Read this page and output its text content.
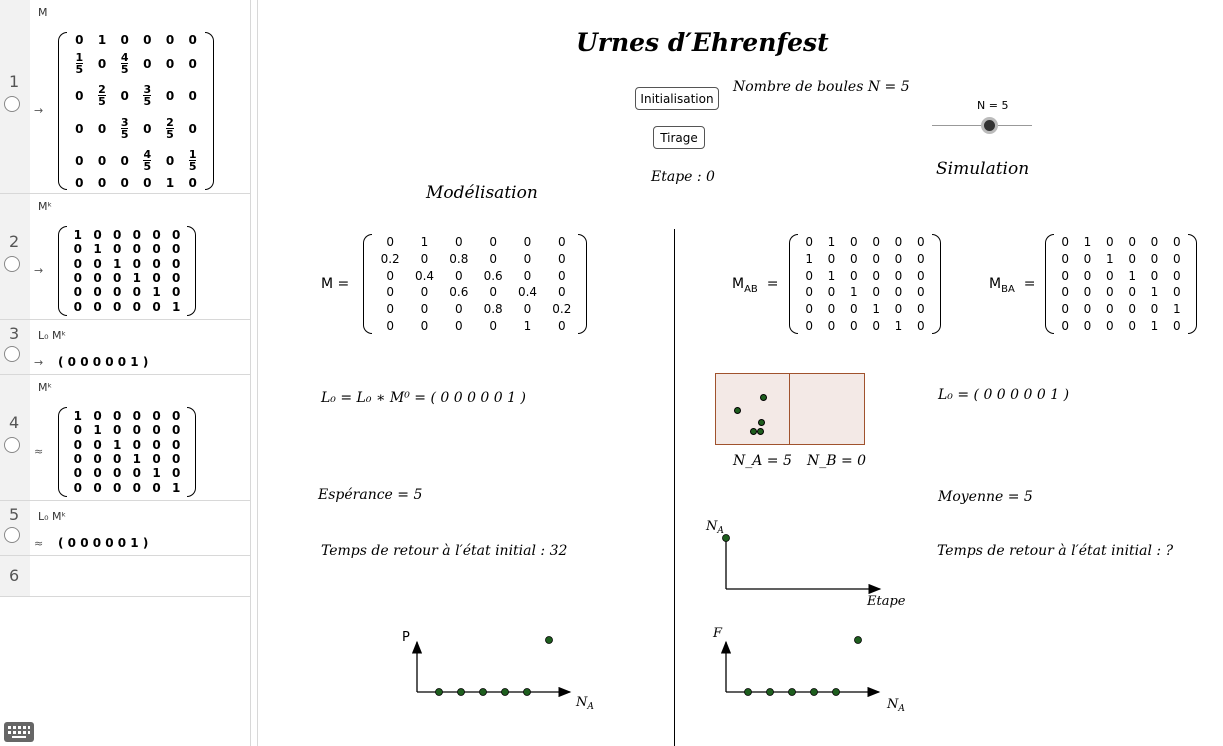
1
M
→
0	1	0	0	0	0
$\frac{1}{5}$	0	$\frac{4}{5}$	0	0	0
0	$\frac{2}{5}$	0	$\frac{3}{5}$	0	0
0	0	$\frac{3}{5}$	0	$\frac{2}{5}$	0
0	0	0	$\frac{4}{5}$	0	$\frac{1}{5}$
0	0	0	0	1	0
2
Mᵏ
→
1 0 0 0 0 0
0 1 0 0 0 0
0 0 1 0 0 0
0 0 0 1 0 0
0 0 0 0 1 0
0 0 0 0 0 1
3 L₀ Mᵏ
→ ( 0 0 0 0 0 1 )
4
Mᵏ
≈
1 0 0 0 0 0
0 1 0 0 0 0
0 0 1 0 0 0
0 0 0 1 0 0
0 0 0 0 1 0
0 0 0 0 0 1
5 L₀ Mᵏ
≈ ( 0 0 0 0 0 1 )
6
Urnes d′Ehrenfest
Initialisation
Tirage
Nombre de boules N = 5
N = 5
Etape : 0
Modélisation
Simulation
M =
0	1	0	0	0	0
0.2	0	0.8	0	0	0
0	0.4	0	0.6	0	0
0	0	0.6	0	0.4	0
0	0	0	0.8	0	0.2
0	0	0	0	1	0
$M_{AB}$  =
0	1	0	0	0	0
1	0	0	0	0	0
0	1	0	0	0	0
0	0	1	0	0	0
0	0	0	1	0	0
0	0	0	0	1	0
$M_{BA}$  =
0	1	0	0	0	0
0	0	1	0	0	0
0	0	0	1	0	0
0	0	0	0	1	0
0	0	0	0	0	1
0	0	0	0	1	0
L₀ = L₀ ∗ M⁰ = ( 0 0 0 0 0 1 )	L₀ = ( 0 0 0 0 0 1 )
N_A = 5 N_B = 0
Espérance = 5	Moyenne = 5
Temps de retour à l′état initial : 32	Temps de retour à l′état initial : ?
P
$N_A$
$N_A$
Etape
F
$N_A$
